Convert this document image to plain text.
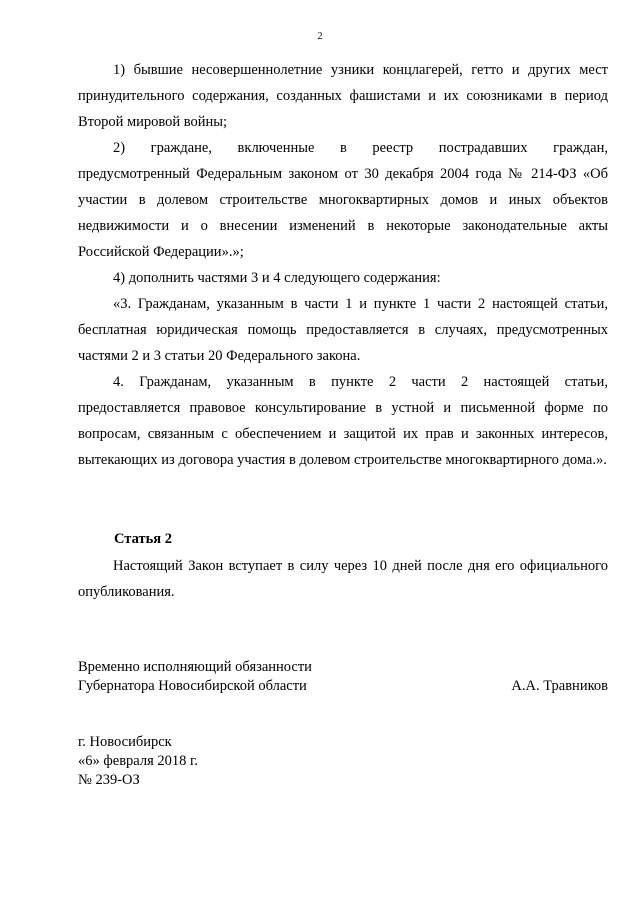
2

1) бывшие несовершеннолетние узники концлагерей, гетто и других мест принудительного содержания, созданных фашистами и их союзниками в период Второй мировой войны;

2)     граждане,     включенные     в     реестр     пострадавших     граждан, предусмотренный Федеральным законом от 30 декабря 2004 года № 214-ФЗ «Об участии в долевом строительстве многоквартирных домов и иных объектов недвижимости и о внесении изменений в некоторые законодательные акты Российской Федерации».»;

4) дополнить частями 3 и 4 следующего содержания:

«3. Гражданам, указанным в части 1 и пункте 1 части 2 настоящей статьи, бесплатная юридическая помощь предоставляется в случаях, предусмотренных частями 2 и 3 статьи 20 Федерального закона.

4. Гражданам, указанным в пункте 2 части 2 настоящей статьи, предоставляется правовое консультирование в устной и письменной форме по вопросам, связанным с обеспечением и защитой их прав и законных интересов, вытекающих из договора участия в долевом строительстве многоквартирного дома.».

Статья 2

Настоящий Закон вступает в силу через 10 дней после дня его официального опубликования.

Временно исполняющий обязанности
Губернатора Новосибирской области	А.А. Травников
г. Новосибирск
«6» февраля 2018 г.
№ 239-ОЗ
